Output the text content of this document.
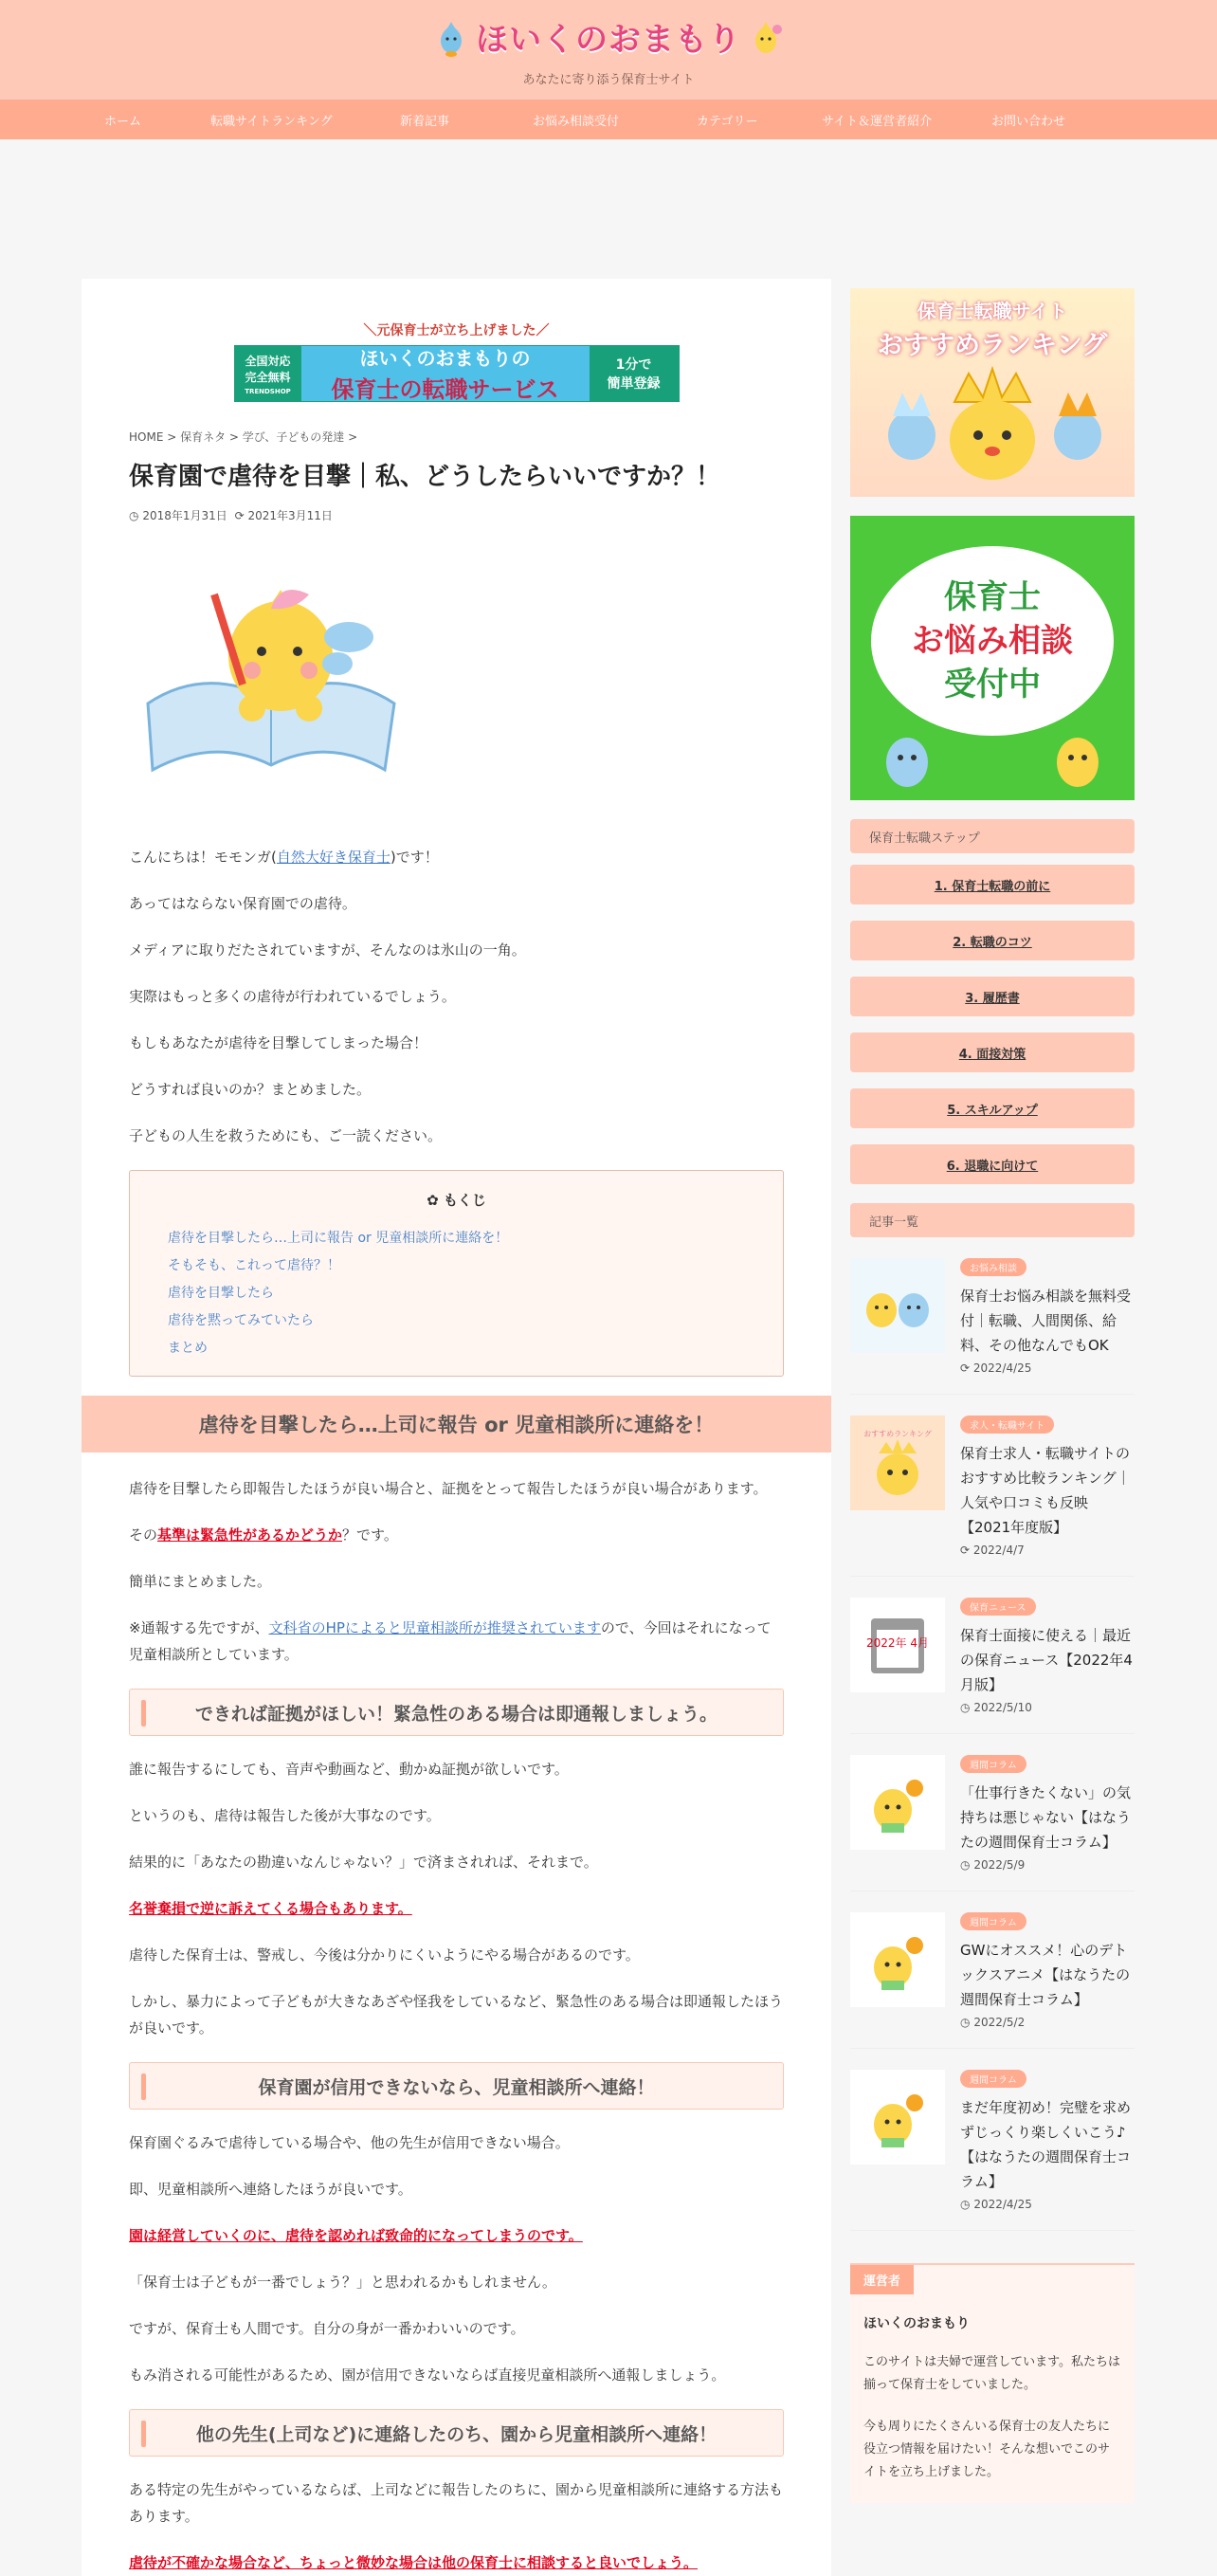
ほいくのおまもり
あなたに寄り添う保育士サイト
ホーム	転職サイトランキング	新着記事	お悩み相談受付	カテゴリー	サイト＆運営者紹介	お問い合わせ
＼元保育士が立ち上げました／
全国対応
完全無料
TRENDSHOP
ほいくのおまもりの
保育士の転職サービス
1分で
簡単登録
HOME > 保育ネタ > 学び、子どもの発達 >
保育園で虐待を目撃｜私、どうしたらいいですか？！
◷ 2018年1月31日 ⟳ 2021年3月11日

こんにちは！モモンガ(自然大好き保育士)です！

あってはならない保育園での虐待。

メディアに取りだたされていますが、そんなのは氷山の一角。

実際はもっと多くの虐待が行われているでしょう。

もしもあなたが虐待を目撃してしまった場合！

どうすれば良いのか？まとめました。

子どもの人生を救うためにも、ご一読ください。

✿ もくじ
虐待を目撃したら…上司に報告 or 児童相談所に連絡を！
そもそも、これって虐待？！
虐待を目撃したら
虐待を黙ってみていたら
まとめ
虐待を目撃したら…上司に報告 or 児童相談所に連絡を！

虐待を目撃したら即報告したほうが良い場合と、証拠をとって報告したほうが良い場合があります。

その基準は緊急性があるかどうか？です。

簡単にまとめました。

※通報する先ですが、文科省のHPによると児童相談所が推奨されていますので、今回はそれになって児童相談所としています。

できれば証拠がほしい！緊急性のある場合は即通報しましょう。

誰に報告するにしても、音声や動画など、動かぬ証拠が欲しいです。

というのも、虐待は報告した後が大事なのです。

結果的に「あなたの勘違いなんじゃない？」で済まされれば、それまで。

名誉棄損で逆に訴えてくる場合もあります。

虐待した保育士は、警戒し、今後は分かりにくいようにやる場合があるのです。

しかし、暴力によって子どもが大きなあざや怪我をしているなど、緊急性のある場合は即通報したほうが良いです。

保育園が信用できないなら、児童相談所へ連絡！

保育園ぐるみで虐待している場合や、他の先生が信用できない場合。

即、児童相談所へ連絡したほうが良いです。

園は経営していくのに、虐待を認めれば致命的になってしまうのです。

「保育士は子どもが一番でしょう？」と思われるかもしれません。

ですが、保育士も人間です。自分の身が一番かわいいのです。

もみ消される可能性があるため、園が信用できないならば直接児童相談所へ通報しましょう。

他の先生(上司など)に連絡したのち、園から児童相談所へ連絡！

ある特定の先生がやっているならば、上司などに報告したのちに、園から児童相談所に連絡する方法もあります。

虐待が不確かな場合など、ちょっと微妙な場合は他の保育士に相談すると良いでしょう。

保育士転職サイト
おすすめランキング
保育士
お悩み相談
受付中
保育士転職ステップ
1. 保育士転職の前に
2. 転職のコツ
3. 履歴書
4. 面接対策
5. スキルアップ
6. 退職に向けて
記事一覧
お悩み相談
保育士お悩み相談を無料受付｜転職、人間関係、給料、その他なんでもOK
⟳ 2022/4/25
おすすめランキング
求人・転職サイト
保育士求人・転職サイトのおすすめ比較ランキング｜人気や口コミも反映【2021年度版】
⟳ 2022/4/7
2022年 4月
保育ニュース
保育士面接に使える｜最近の保育ニュース【2022年4月版】
◷ 2022/5/10
週間コラム
「仕事行きたくない」の気持ちは悪じゃない【はなうたの週間保育士コラム】
◷ 2022/5/9
週間コラム
GWにオススメ！心のデトックスアニメ【はなうたの週間保育士コラム】
◷ 2022/5/2
週間コラム
まだ年度初め！完璧を求めずじっくり楽しくいこう♪【はなうたの週間保育士コラム】
◷ 2022/4/25
運営者
ほいくのおまもり
このサイトは夫婦で運営しています。私たちは揃って保育士をしていました。
今も周りにたくさんいる保育士の友人たちに役立つ情報を届けたい！そんな想いでこのサイトを立ち上げました。
